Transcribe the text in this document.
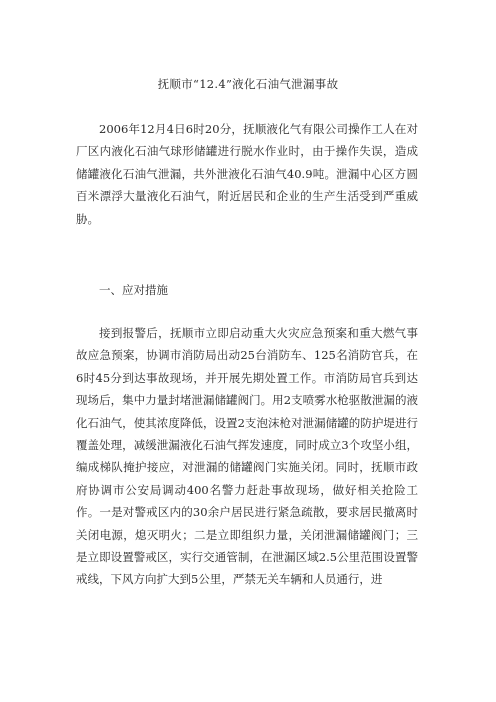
抚顺市“12.4”液化石油气泄漏事故

2006年12月4日6时20分，抚顺液化气有限公司操作工人在对厂区内液化石油气球形储罐进行脱水作业时，由于操作失误，造成储罐液化石油气泄漏，共外泄液化石油气40.9吨。泄漏中心区方圆百米漂浮大量液化石油气，附近居民和企业的生产生活受到严重威胁。

一、应对措施

接到报警后，抚顺市立即启动重大火灾应急预案和重大燃气事故应急预案，协调市消防局出动25台消防车、125名消防官兵，在6时45分到达事故现场，并开展先期处置工作。市消防局官兵到达现场后，集中力量封堵泄漏储罐阀门。用2支喷雾水枪驱散泄漏的液化石油气，使其浓度降低，设置2支泡沫枪对泄漏储罐的防护堤进行覆盖处理，减缓泄漏液化石油气挥发速度，同时成立3个攻坚小组，编成梯队掩护接应，对泄漏的储罐阀门实施关闭。同时，抚顺市政府协调市公安局调动400名警力赶赴事故现场，做好相关抢险工作。一是对警戒区内的30余户居民进行紧急疏散，要求居民撤离时关闭电源，熄灭明火；二是立即组织力量，关闭泄漏储罐阀门；三是立即设置警戒区，实行交通管制，在泄漏区域2.5公里范围设置警戒线，下风方向扩大到5公里，严禁无关车辆和人员通行，进
